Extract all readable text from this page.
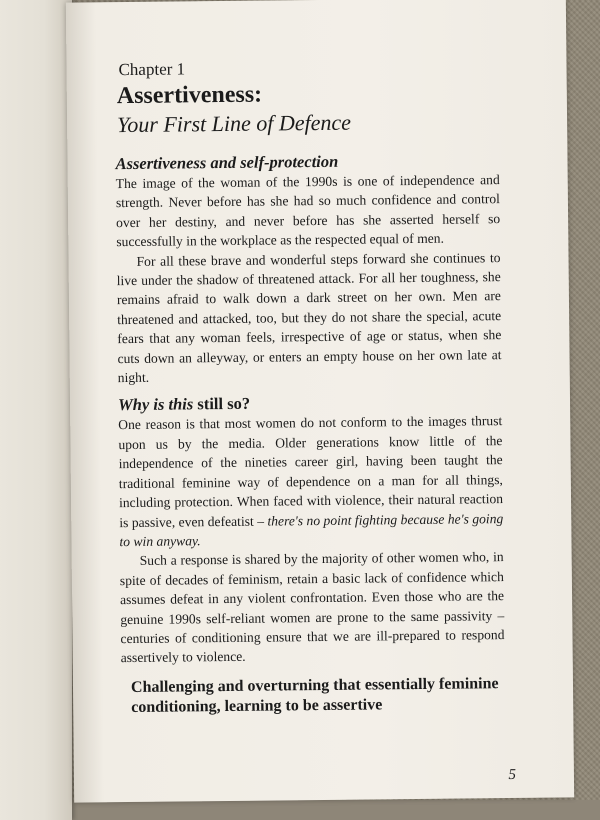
Chapter 1
Assertiveness:
Your First Line of Defence
Assertiveness and self-protection

The image of the woman of the 1990s is one of independence and strength. Never before has she had so much confidence and control over her destiny, and never before has she asserted herself so successfully in the workplace as the respected equal of men.

For all these brave and wonderful steps forward she continues to live under the shadow of threatened attack. For all her toughness, she remains afraid to walk down a dark street on her own. Men are threatened and attacked, too, but they do not share the special, acute fears that any woman feels, irrespective of age or status, when she cuts down an alleyway, or enters an empty house on her own late at night.

Why is this still so?

One reason is that most women do not conform to the images thrust upon us by the media. Older generations know little of the independence of the nineties career girl, having been taught the traditional feminine way of dependence on a man for all things, including protection. When faced with violence, their natural reaction is passive, even defeatist – there's no point fighting because he's going to win anyway.

Such a response is shared by the majority of other women who, in spite of decades of feminism, retain a basic lack of confidence which assumes defeat in any violent confrontation. Even those who are the genuine 1990s self-reliant women are prone to the same passivity – centuries of conditioning ensure that we are ill-prepared to respond assertively to violence.

Challenging and overturning that essentially feminine conditioning, learning to be assertive
5
